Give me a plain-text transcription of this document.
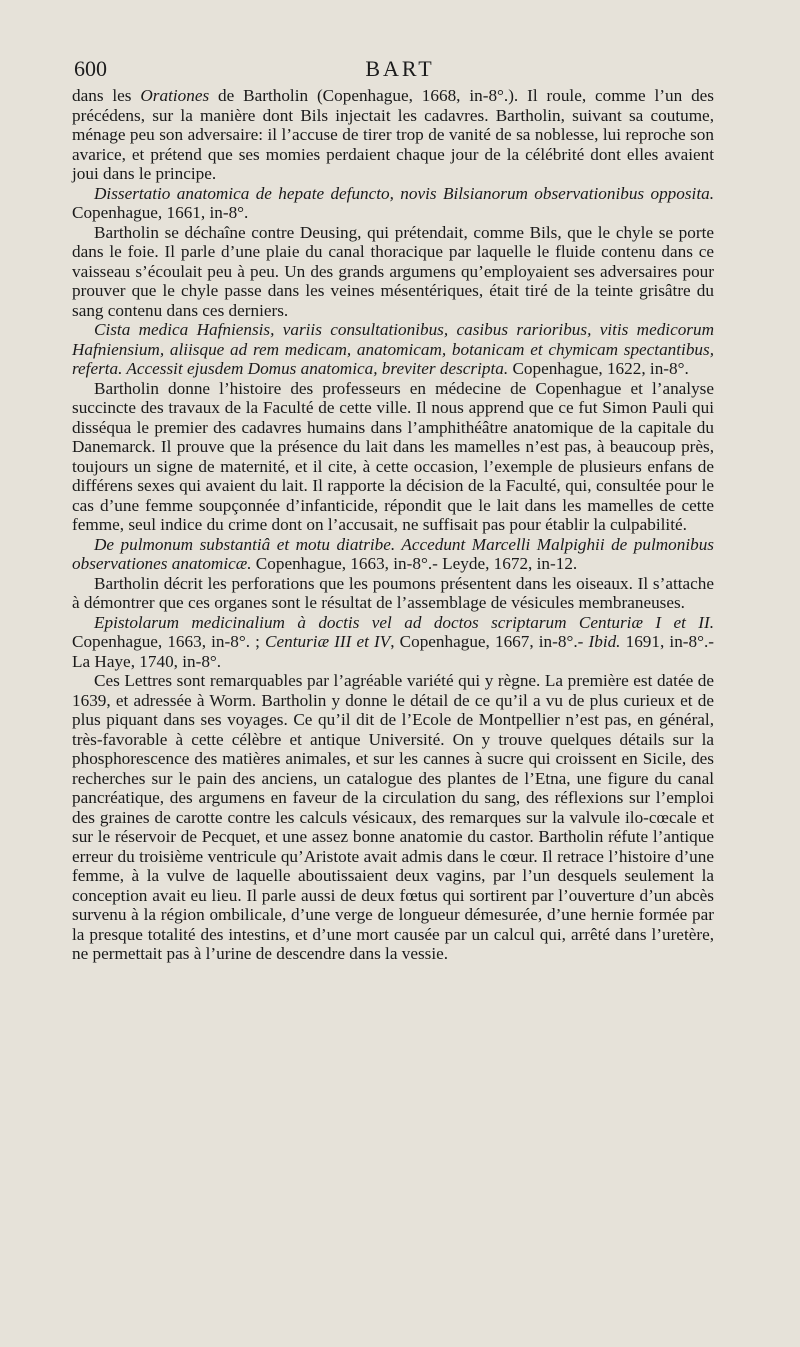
600	BART

dans les Orationes de Bartholin (Copenhague, 1668, in-8°.). Il roule, comme l’un des précédens, sur la manière dont Bils injectait les cadavres. Bartholin, suivant sa coutume, ménage peu son adversaire: il l’accuse de tirer trop de vanité de sa noblesse, lui reproche son avarice, et prétend que ses momies perdaient chaque jour de la célébrité dont elles avaient joui dans le principe.

Dissertatio anatomica de hepate defuncto, novis Bilsianorum observationibus opposita. Copenhague, 1661, in-8°.

Bartholin se déchaîne contre Deusing, qui prétendait, comme Bils, que le chyle se porte dans le foie. Il parle d’une plaie du canal thoracique par laquelle le fluide contenu dans ce vaisseau s’écoulait peu à peu. Un des grands argumens qu’employaient ses adversaires pour prouver que le chyle passe dans les veines mésentériques, était tiré de la teinte grisâtre du sang contenu dans ces derniers.

Cista medica Hafniensis, variis consultationibus, casibus rarioribus, vitis medicorum Hafniensium, aliisque ad rem medicam, anatomicam, botanicam et chymicam spectantibus, referta. Accessit ejusdem Domus anatomica, breviter descripta. Copenhague, 1622, in-8°.

Bartholin donne l’histoire des professeurs en médecine de Copenhague et l’analyse succincte des travaux de la Faculté de cette ville. Il nous apprend que ce fut Simon Pauli qui disséqua le premier des cadavres humains dans l’amphithéâtre anatomique de la capitale du Danemarck. Il prouve que la présence du lait dans les mamelles n’est pas, à beaucoup près, toujours un signe de maternité, et il cite, à cette occasion, l’exemple de plusieurs enfans de différens sexes qui avaient du lait. Il rapporte la décision de la Faculté, qui, consultée pour le cas d’une femme soupçonnée d’infanticide, répondit que le lait dans les mamelles de cette femme, seul indice du crime dont on l’accusait, ne suffisait pas pour établir la culpabilité.

De pulmonum substantiâ et motu diatribe. Accedunt Marcelli Malpighii de pulmonibus observationes anatomicæ. Copenhague, 1663, in-8°.- Leyde, 1672, in-12.

Bartholin décrit les perforations que les poumons présentent dans les oiseaux. Il s’attache à démontrer que ces organes sont le résultat de l’assemblage de vésicules membraneuses.

Epistolarum medicinalium à doctis vel ad doctos scriptarum Centuriæ I et II. Copenhague, 1663, in-8°. ; Centuriæ III et IV, Copenhague, 1667, in-8°.- Ibid. 1691, in-8°.- La Haye, 1740, in-8°.

Ces Lettres sont remarquables par l’agréable variété qui y règne. La première est datée de 1639, et adressée à Worm. Bartholin y donne le détail de ce qu’il a vu de plus curieux et de plus piquant dans ses voyages. Ce qu’il dit de l’Ecole de Montpellier n’est pas, en général, très-favorable à cette célèbre et antique Université. On y trouve quelques détails sur la phosphorescence des matières animales, et sur les cannes à sucre qui croissent en Sicile, des recherches sur le pain des anciens, un catalogue des plantes de l’Etna, une figure du canal pancréatique, des argumens en faveur de la circulation du sang, des réflexions sur l’emploi des graines de carotte contre les calculs vésicaux, des remarques sur la valvule ilo-cœcale et sur le réservoir de Pecquet, et une assez bonne anatomie du castor. Bartholin réfute l’antique erreur du troisième ventricule qu’Aristote avait admis dans le cœur. Il retrace l’histoire d’une femme, à la vulve de laquelle aboutissaient deux vagins, par l’un desquels seulement la conception avait eu lieu. Il parle aussi de deux fœtus qui sortirent par l’ouverture d’un abcès survenu à la région ombilicale, d’une verge de longueur démesurée, d’une hernie formée par la presque totalité des intestins, et d’une mort causée par un calcul qui, arrêté dans l’uretère, ne permettait pas à l’urine de descendre dans la vessie.
